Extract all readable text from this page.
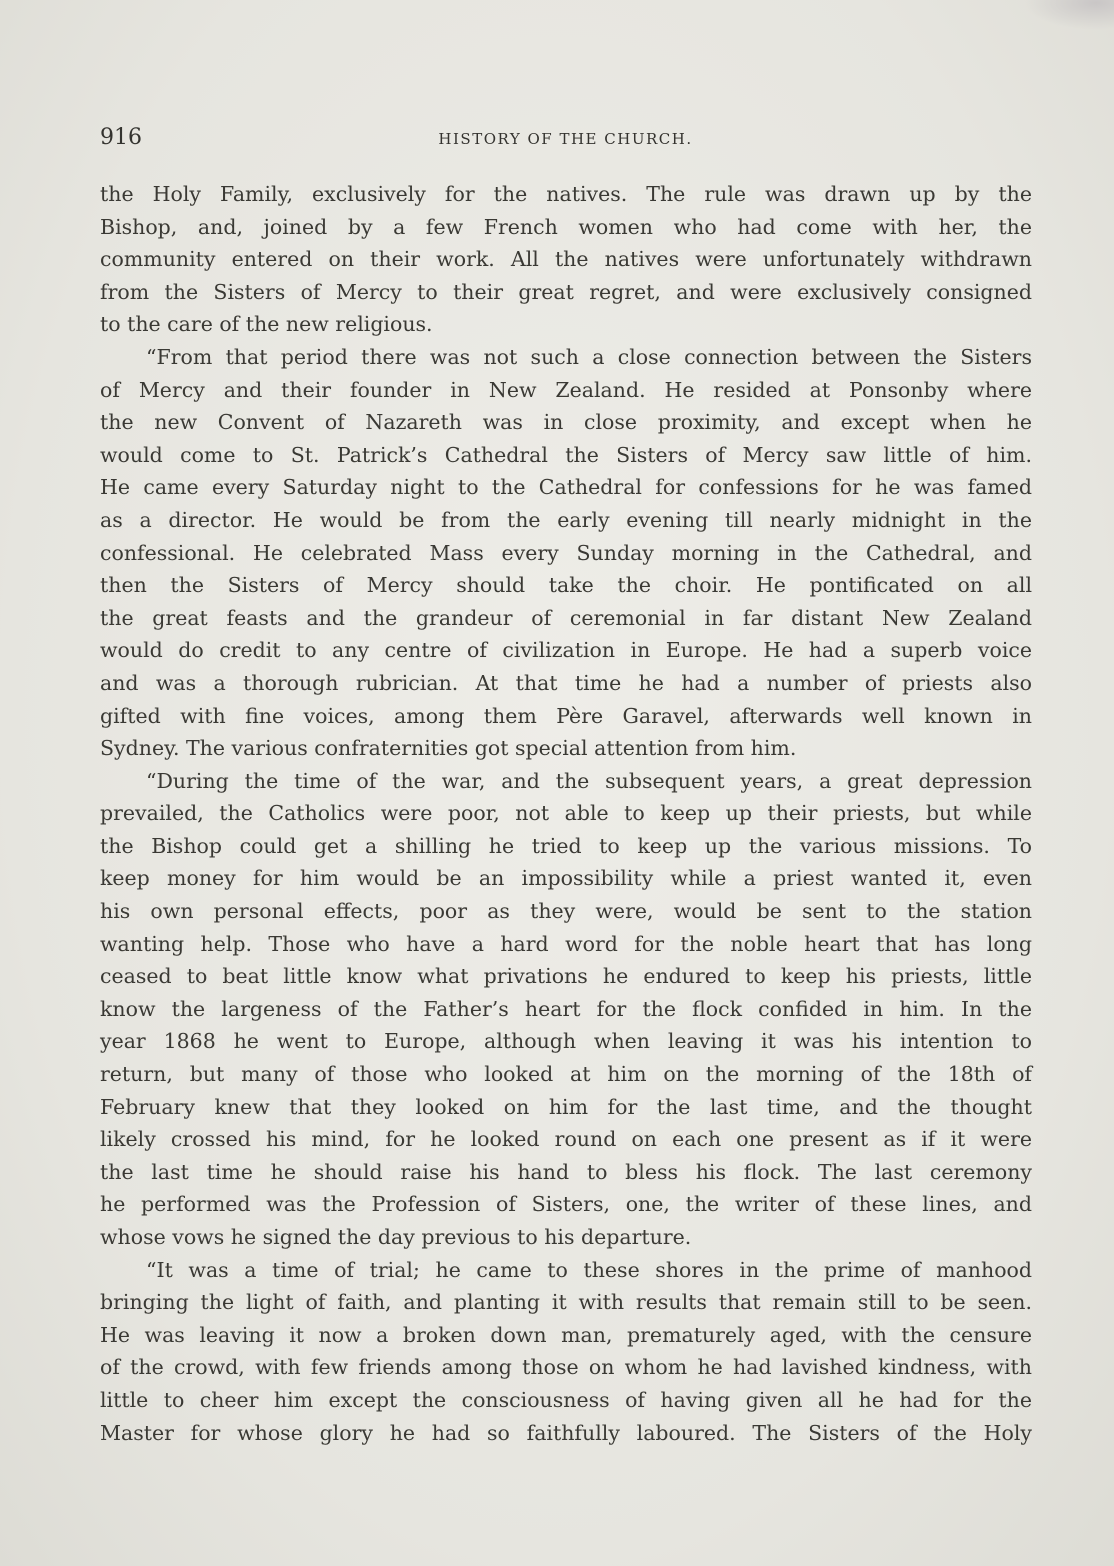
916	HISTORY OF THE CHURCH.
the Holy Family, exclusively for the natives. The rule was drawn up by the
Bishop, and, joined by a few French women who had come with her, the
community entered on their work. All the natives were unfortunately withdrawn
from the Sisters of Mercy to their great regret, and were exclusively consigned
to the care of the new religious.
“From that period there was not such a close connection between the Sisters
of Mercy and their founder in New Zealand. He resided at Ponsonby where
the new Convent of Nazareth was in close proximity, and except when he
would come to St. Patrick’s Cathedral the Sisters of Mercy saw little of him.
He came every Saturday night to the Cathedral for confessions for he was famed
as a director. He would be from the early evening till nearly midnight in the
confessional. He celebrated Mass every Sunday morning in the Cathedral, and
then the Sisters of Mercy should take the choir. He pontificated on all
the great feasts and the grandeur of ceremonial in far distant New Zealand
would do credit to any centre of civilization in Europe. He had a superb voice
and was a thorough rubrician. At that time he had a number of priests also
gifted with fine voices, among them Père Garavel, afterwards well known in
Sydney. The various confraternities got special attention from him.
“During the time of the war, and the subsequent years, a great depression
prevailed, the Catholics were poor, not able to keep up their priests, but while
the Bishop could get a shilling he tried to keep up the various missions. To
keep money for him would be an impossibility while a priest wanted it, even
his own personal effects, poor as they were, would be sent to the station
wanting help. Those who have a hard word for the noble heart that has long
ceased to beat little know what privations he endured to keep his priests, little
know the largeness of the Father’s heart for the flock confided in him. In the
year 1868 he went to Europe, although when leaving it was his intention to
return, but many of those who looked at him on the morning of the 18th of
February knew that they looked on him for the last time, and the thought
likely crossed his mind, for he looked round on each one present as if it were
the last time he should raise his hand to bless his flock. The last ceremony
he performed was the Profession of Sisters, one, the writer of these lines, and
whose vows he signed the day previous to his departure.
“It was a time of trial; he came to these shores in the prime of manhood
bringing the light of faith, and planting it with results that remain still to be seen.
He was leaving it now a broken down man, prematurely aged, with the censure
of the crowd, with few friends among those on whom he had lavished kindness, with
little to cheer him except the consciousness of having given all he had for the
Master for whose glory he had so faithfully laboured. The Sisters of the Holy
